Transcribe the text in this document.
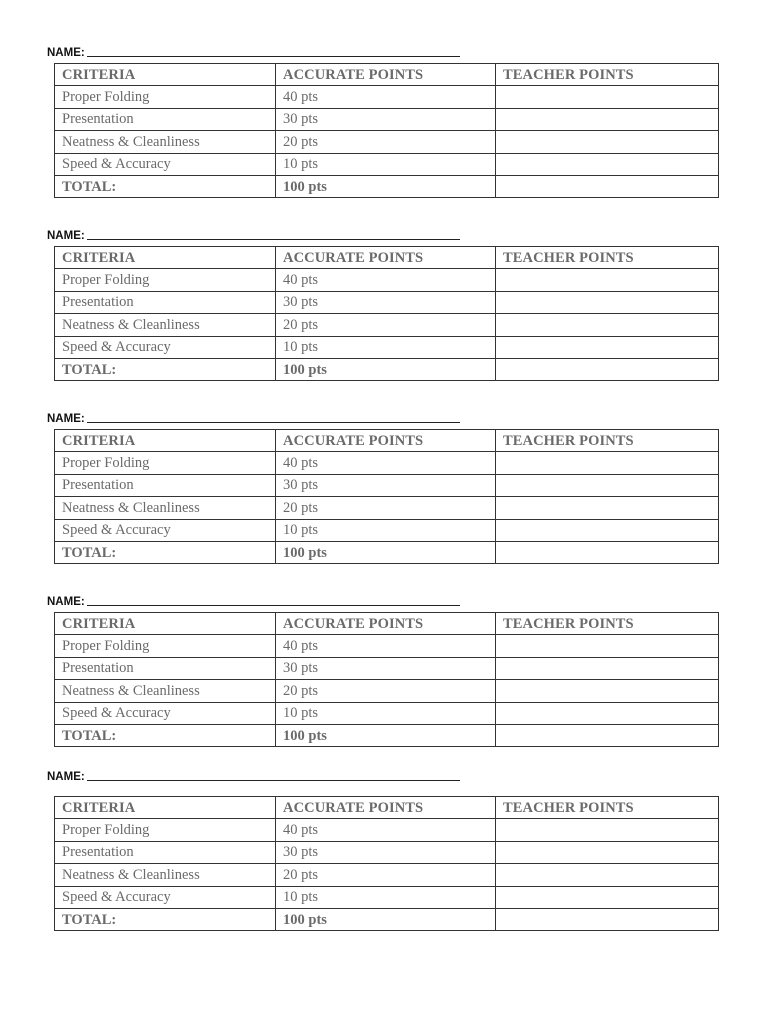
NAME:
CRITERIA	ACCURATE POINTS	TEACHER POINTS
Proper Folding	40 pts	
Presentation	30 pts	
Neatness & Cleanliness	20 pts	
Speed & Accuracy	10 pts	
TOTAL:	100 pts	
NAME:
CRITERIA	ACCURATE POINTS	TEACHER POINTS
Proper Folding	40 pts	
Presentation	30 pts	
Neatness & Cleanliness	20 pts	
Speed & Accuracy	10 pts	
TOTAL:	100 pts	
NAME:
CRITERIA	ACCURATE POINTS	TEACHER POINTS
Proper Folding	40 pts	
Presentation	30 pts	
Neatness & Cleanliness	20 pts	
Speed & Accuracy	10 pts	
TOTAL:	100 pts	
NAME:
CRITERIA	ACCURATE POINTS	TEACHER POINTS
Proper Folding	40 pts	
Presentation	30 pts	
Neatness & Cleanliness	20 pts	
Speed & Accuracy	10 pts	
TOTAL:	100 pts	
NAME:
CRITERIA	ACCURATE POINTS	TEACHER POINTS
Proper Folding	40 pts	
Presentation	30 pts	
Neatness & Cleanliness	20 pts	
Speed & Accuracy	10 pts	
TOTAL:	100 pts	
